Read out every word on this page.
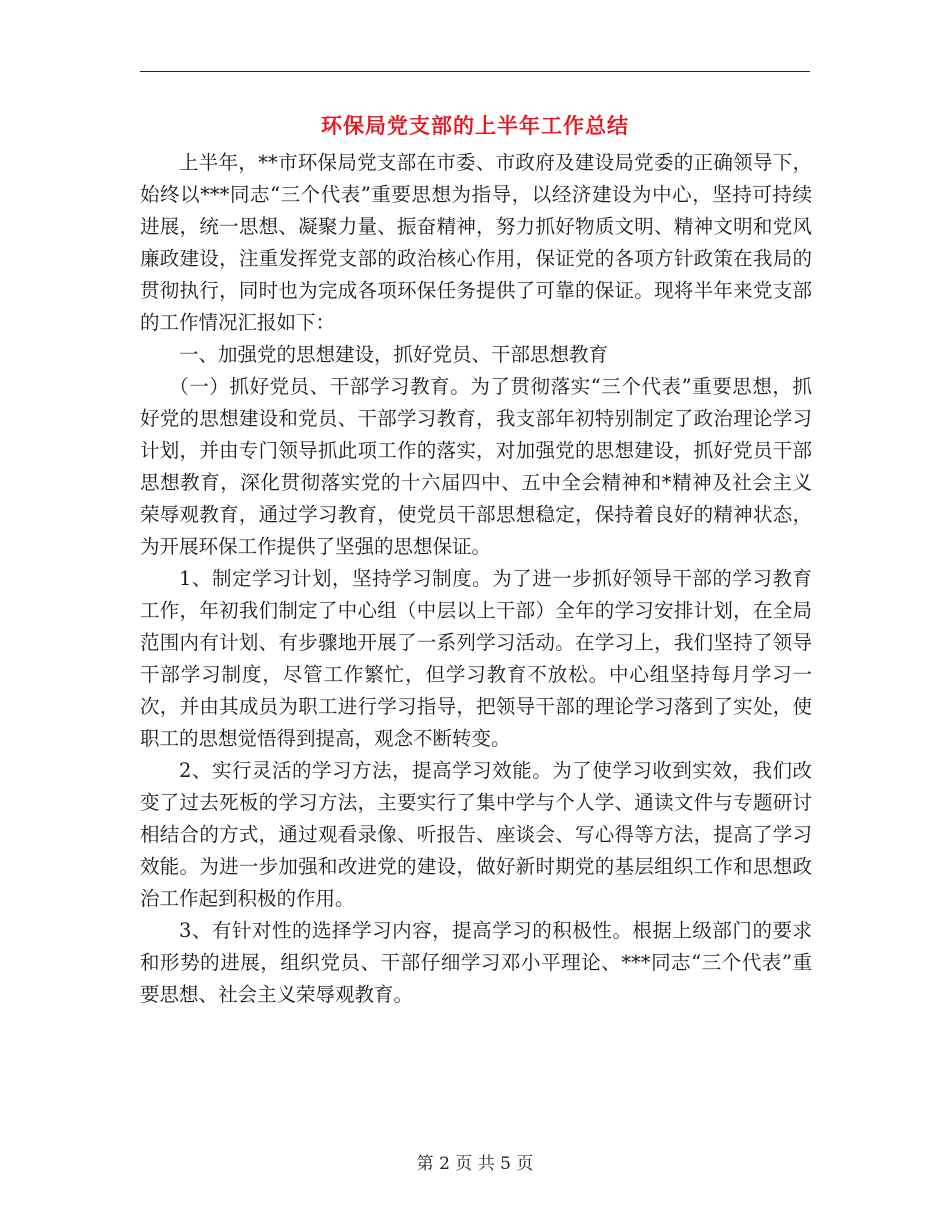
环保局党支部的上半年工作总结

上半年，**市环保局党支部在市委、市政府及建设局党委的正确领导下，始终以***同志“三个代表”重要思想为指导，以经济建设为中心，坚持可持续进展，统一思想、凝聚力量、振奋精神，努力抓好物质文明、精神文明和党风廉政建设，注重发挥党支部的政治核心作用，保证党的各项方针政策在我局的贯彻执行，同时也为完成各项环保任务提供了可靠的保证。现将半年来党支部的工作情况汇报如下：

一、加强党的思想建设，抓好党员、干部思想教育

（一）抓好党员、干部学习教育。为了贯彻落实“三个代表”重要思想，抓好党的思想建设和党员、干部学习教育，我支部年初特别制定了政治理论学习计划，并由专门领导抓此项工作的落实，对加强党的思想建设，抓好党员干部思想教育，深化贯彻落实党的十六届四中、五中全会精神和*精神及社会主义荣辱观教育，通过学习教育，使党员干部思想稳定，保持着良好的精神状态，为开展环保工作提供了坚强的思想保证。

1、制定学习计划，坚持学习制度。为了进一步抓好领导干部的学习教育工作，年初我们制定了中心组（中层以上干部）全年的学习安排计划，在全局范围内有计划、有步骤地开展了一系列学习活动。在学习上，我们坚持了领导干部学习制度，尽管工作繁忙，但学习教育不放松。中心组坚持每月学习一次，并由其成员为职工进行学习指导，把领导干部的理论学习落到了实处，使职工的思想觉悟得到提高，观念不断转变。

2、实行灵活的学习方法，提高学习效能。为了使学习收到实效，我们改变了过去死板的学习方法，主要实行了集中学与个人学、通读文件与专题研讨相结合的方式，通过观看录像、听报告、座谈会、写心得等方法，提高了学习效能。为进一步加强和改进党的建设，做好新时期党的基层组织工作和思想政治工作起到积极的作用。

3、有针对性的选择学习内容，提高学习的积极性。根据上级部门的要求和形势的进展，组织党员、干部仔细学习邓小平理论、***同志“三个代表”重要思想、社会主义荣辱观教育。

第 2 页 共 5 页
